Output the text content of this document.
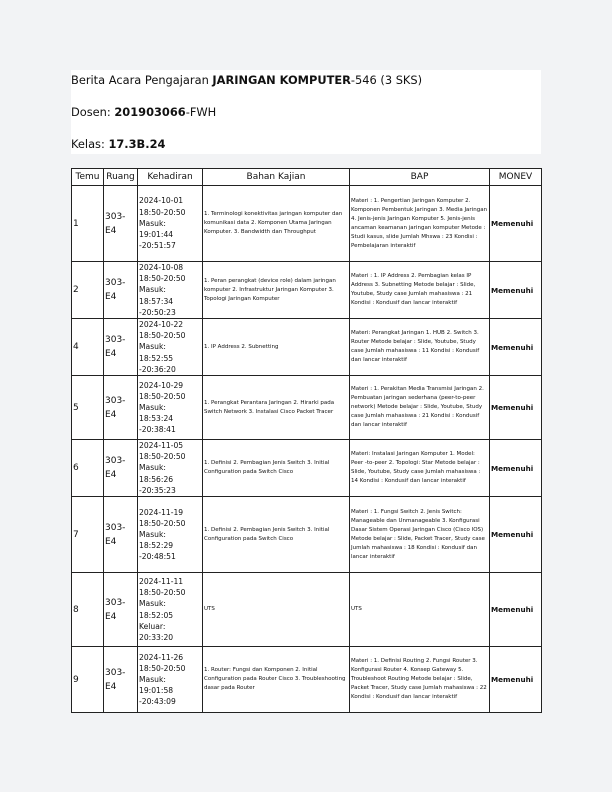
Berita Acara Pengajaran JARINGAN KOMPUTER-546 (3 SKS)
Dosen: 201903066-FWH
Kelas: 17.3B.24
Temu	Ruang	Kehadiran	Bahan Kajian	BAP	MONEV
1	303-E4	2024-10-01 18:50-20:50 Masuk: 19:01:44 -20:51:57	1. Terminologi konektivitas jaringan komputer dan komunikasi data 2. Komponen Utama Jaringan Komputer. 3. Bandwidth dan Throughput	Materi : 1. Pengertian Jaringan Komputer 2. Komponen Pembentuk Jaringan 3. Media Jaringan 4. Jenis-jenis Jaringan Komputer 5. Jenis-jenis ancaman keamanan jaringan komputer Metode : Studi kasus, slide Jumlah Mhswa : 23 Kondisi : Pembelajaran interaktif	Memenuhi
2	303-E4	2024-10-08 18:50-20:50 Masuk: 18:57:34 -20:50:23	1. Peran perangkat (device role) dalam jaringan komputer 2. Infrastruktur Jaringan Komputer 3. Topologi Jaringan Komputer	Materi : 1. IP Address 2. Pembagian kelas IP Address 3. Subnetting Metode belajar : Slide, Youtube, Study case Jumlah mahasiswa : 21 Kondisi : Kondusif dan lancar interaktif	Memenuhi
4	303-E4	2024-10-22 18:50-20:50 Masuk: 18:52:55 -20:36:20	1. IP Address 2. Subnetting	Materi: Perangkat Jaringan 1. HUB 2. Switch 3. Router Metode belajar : Slide, Youtube, Study case Jumlah mahasiswa : 11 Kondisi : Kondusif dan lancar interaktif	Memenuhi
5	303-E4	2024-10-29 18:50-20:50 Masuk: 18:53:24 -20:38:41	1. Perangkat Perantara Jaringan 2. Hirarki pada Switch Network 3. Instalasi Cisco Packet Tracer	Materi : 1. Perakitan Media Transmisi Jaringan 2. Pembuatan jaringan sederhana (peer-to-peer network) Metode belajar : Slide, Youtube, Study case Jumlah mahasiswa : 21 Kondisi : Kondusif dan lancar interaktif	Memenuhi
6	303-E4	2024-11-05 18:50-20:50 Masuk: 18:56:26 -20:35:23	1. Definisi 2. Pembagian Jenis Switch 3. Initial Configuration pada Switch Cisco	Materi: Instalasi Jaringan Komputer 1. Model: Peer -to-peer 2. Topologi: Star Metode belajar : Slide, Youtube, Study case Jumlah mahasiswa : 14 Kondisi : Kondusif dan lancar interaktif	Memenuhi
7	303-E4	2024-11-19 18:50-20:50 Masuk: 18:52:29 -20:48:51	1. Definisi 2. Pembagian Jenis Switch 3. Initial Configuration pada Switch Cisco	Materi : 1. Fungsi Switch 2. Jenis Switch: Manageable dan Unmanageable 3. Konfigurasi Dasar Sistem Operasi Jaringan Cisco (Cisco IOS) Metode belajar : Slide, Packet Tracer, Study case Jumlah mahasiswa : 18 Kondisi : Kondusif dan lancar interaktif	Memenuhi
8	303-E4	2024-11-11 18:50-20:50 Masuk: 18:52:05 Keluar: 20:33:20	UTS	UTS	Memenuhi
9	303-E4	2024-11-26 18:50-20:50 Masuk: 19:01:58 -20:43:09	1. Router: Fungsi dan Komponen 2. Initial Configuration pada Router Cisco 3. Troubleshooting dasar pada Router	Materi : 1. Definisi Routing 2. Fungsi Router 3. Konfigurasi Router 4. Konsep Gateway 5. Troubleshoot Routing Metode belajar : Slide, Packet Tracer, Study case Jumlah mahasiswa : 22 Kondisi : Kondusif dan lancar interaktif	Memenuhi
